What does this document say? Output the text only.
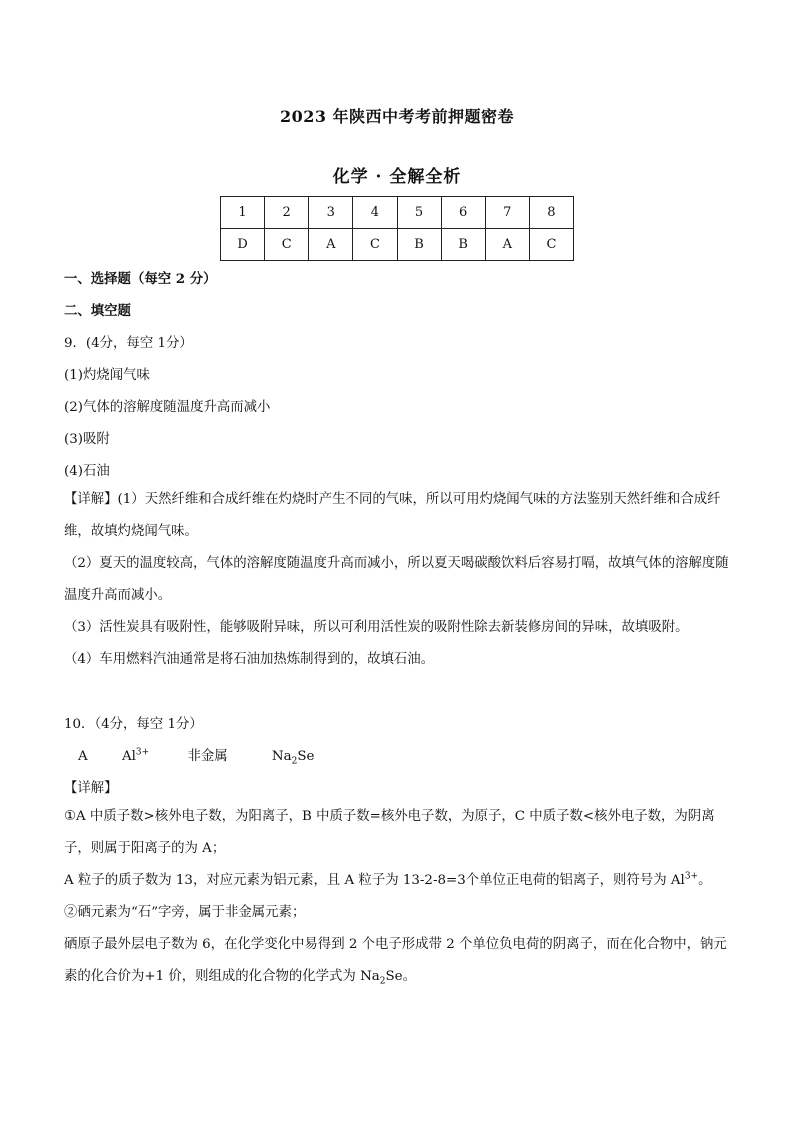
2023 年陕西中考考前押题密卷
化学 · 全解全析
1	2	3	4	5	6	7	8
D	C	A	C	B	B	A	C
一、选择题（每空 2 分）
二、填空题
9．(4分，每空 1分）
(1)灼烧闻气味
(2)气体的溶解度随温度升高而减小
(3)吸附
(4)石油
【详解】(1）天然纤维和合成纤维在灼烧时产生不同的气味，所以可用灼烧闻气味的方法鉴别天然纤维和合成纤维，故填灼烧闻气味。
（2）夏天的温度较高，气体的溶解度随温度升高而减小，所以夏天喝碳酸饮料后容易打嗝，故填气体的溶解度随温度升高而减小。
（3）活性炭具有吸附性，能够吸附异味，所以可利用活性炭的吸附性除去新装修房间的异味，故填吸附。
（4）车用燃料汽油通常是将石油加热炼制得到的，故填石油。
10．（4分，每空 1分）
A	$Al^{3+}$	非金属	$Na_2Se$
【详解】
①A 中质子数>核外电子数，为阳离子，B 中质子数=核外电子数，为原子，C 中质子数<核外电子数，为阴离子，则属于阳离子的为 A；
A 粒子的质子数为 13，对应元素为铝元素，且 A 粒子为 13-2-8=3个单位正电荷的铝离子，则符号为 $Al^{3+}$。
②硒元素为“石”字旁，属于非金属元素；
硒原子最外层电子数为 6，在化学变化中易得到 2 个电子形成带 2 个单位负电荷的阴离子，而在化合物中，钠元素的化合价为+1 价，则组成的化合物的化学式为 $Na_2Se$。
